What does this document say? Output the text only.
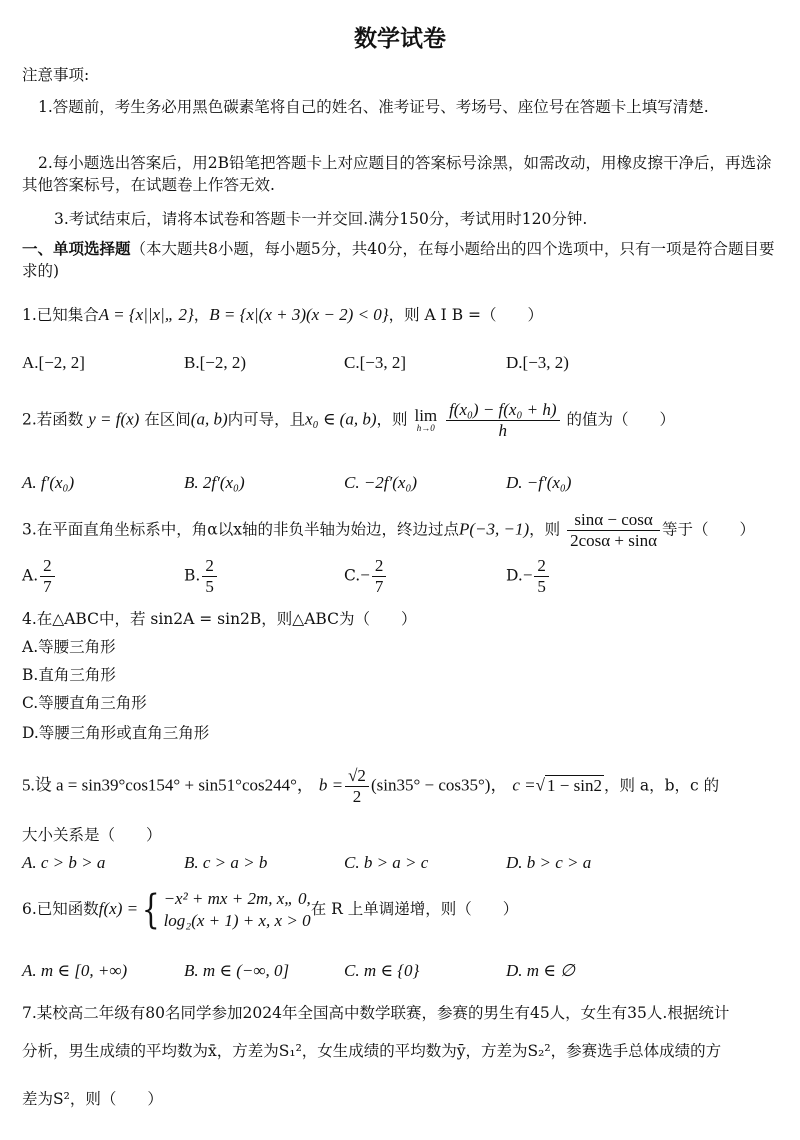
数学试卷
注意事项:
1.答题前，考生务必用黑色碳素笔将自己的姓名、准考证号、考场号、座位号在答题卡上填写清楚.
2.每小题选出答案后，用2B铅笔把答题卡上对应题目的答案标号涂黑，如需改动，用橡皮擦干净后，再选涂其他答案标号，在试题卷上作答无效.
3.考试结束后，请将本试卷和答题卡一并交回.满分150分，考试用时120分钟.
一、单项选择题（本大题共8小题，每小题5分，共40分，在每小题给出的四个选项中，只有一项是符合题目要求的)
1.已知集合A = {x||x|„ 2}，B = {x|(x + 3)(x − 2) < 0}，则 A I B =（　　）
A.[−2, 2]	B.[−2, 2)	C.[−3, 2]	D.[−3, 2)
2.若函数 y = f(x) 在区间(a, b)内可导，且x₀ ∈ (a, b)，则 lim
h→0
$\frac{\text{f(x₀) − f(x₀ + h)}}{h}$ 的值为（　　）
A. f′(x₀)	B. 2f′(x₀)	C. −2f′(x₀)	D. −f′(x₀)
3.在平面直角坐标系中，角α以x轴的非负半轴为始边，终边过点P(−3, −1)，则 $\frac{\sin\alpha - \cos\alpha}{2\cos\alpha + \sin\alpha}$ 等于（　　）
A. $\frac{2}{7}$	B. $\frac{2}{5}$	$C.- \frac{2}{7}$	$D.- \frac{2}{5}$
4.在△ABC中，若 sin2A = sin2B，则△ABC为（　　）
A.等腰三角形
B.直角三角形
C.等腰直角三角形
D.等腰三角形或直角三角形
5.设 a = sin39°cos154° + sin51°cos244°， $b = \frac{√2}{2} (\sin 35^\circ - \cos 35^\circ)$， c =√ 1 − sin2 ，则 a，b，c 的
大小关系是（　　）
A. c > b > a	B. c > a > b	C. b > a > c	D. b > c > a
6.已知函数f(x) ={ −x² + mx + 2m, x„ 0,
log₂(x + 1) + x, x > 0
在 R 上单调递增，则（　　）
A. m ∈ [0, +∞)	B. m ∈ (−∞, 0]	C. m ∈ {0}	D. m ∈ ∅
7.某校高二年级有80名同学参加2024年全国高中数学联赛，参赛的男生有45人，女生有35人.根据统计
分析，男生成绩的平均数为x̄，方差为S₁²，女生成绩的平均数为ȳ，方差为S₂²，参赛选手总体成绩的方
差为S²，则（　　）
